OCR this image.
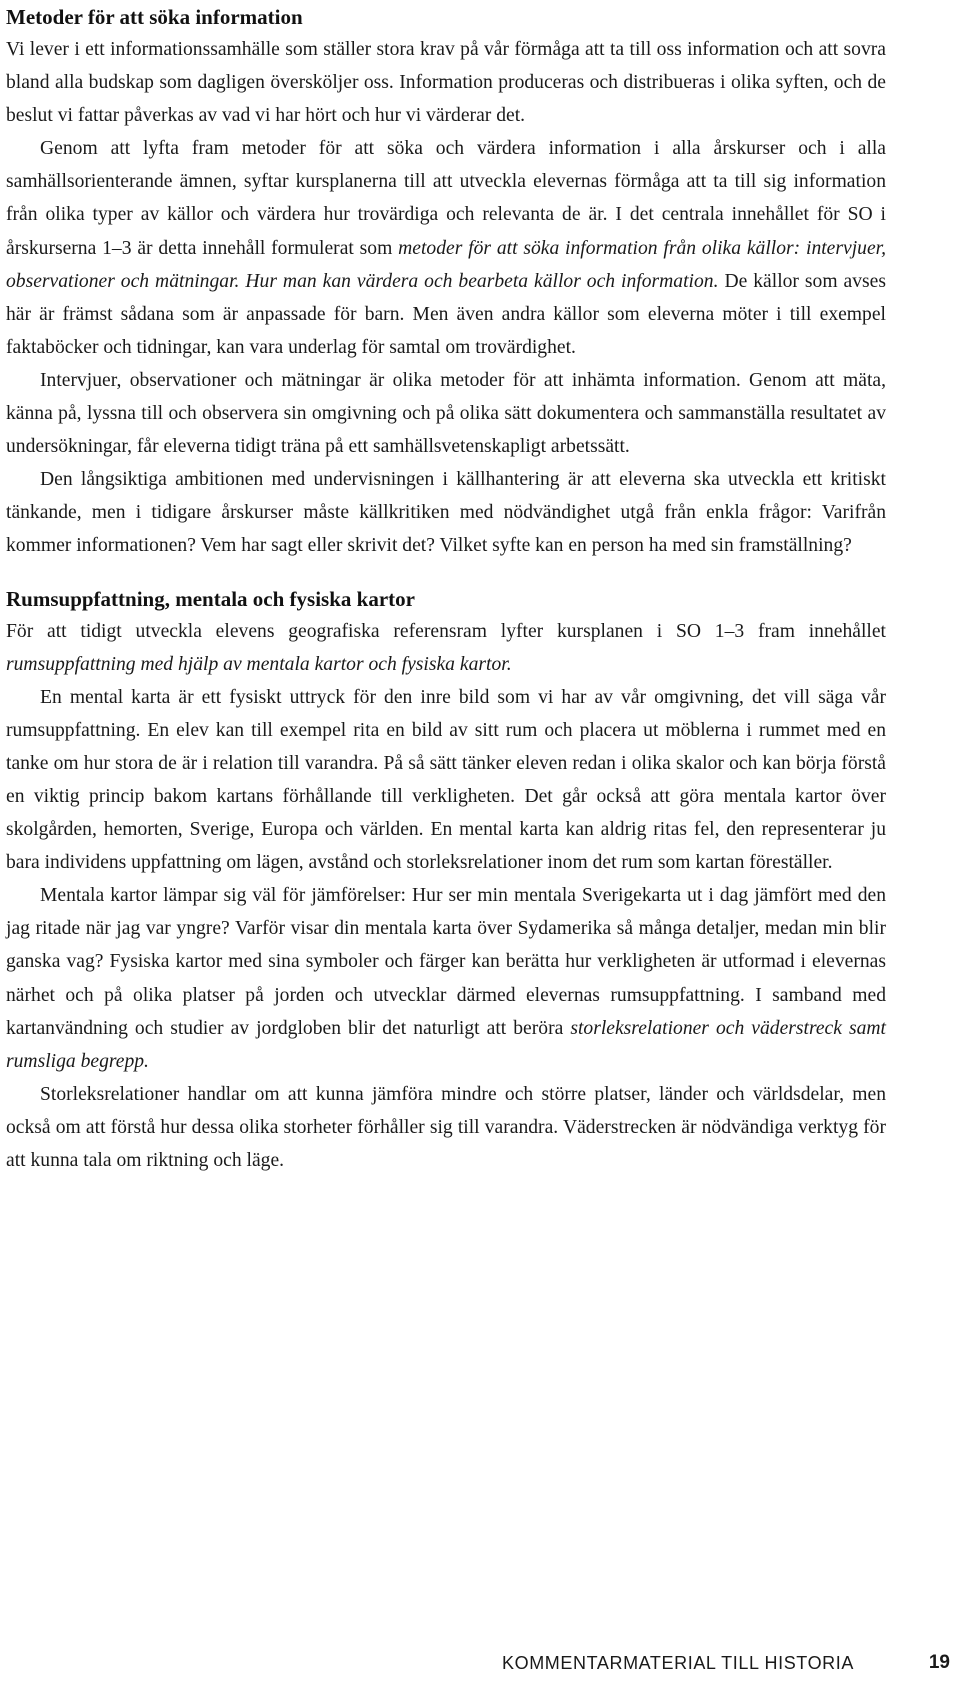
Metoder för att söka information

Vi lever i ett informationssamhälle som ställer stora krav på vår förmåga att ta till oss information och att sovra bland alla budskap som dagligen översköljer oss. Information produceras och distribueras i olika syften, och de beslut vi fattar påverkas av vad vi har hört och hur vi värderar det.

Genom att lyfta fram metoder för att söka och värdera information i alla årskurser och i alla samhällsorienterande ämnen, syftar kursplanerna till att utveckla elevernas förmåga att ta till sig information från olika typer av källor och värdera hur trovärdiga och relevanta de är. I det centrala innehållet för SO i årskurserna 1–3 är detta innehåll formulerat som metoder för att söka information från olika källor: intervjuer, observationer och mätningar. Hur man kan värdera och bearbeta källor och information. De källor som avses här är främst sådana som är anpassade för barn. Men även andra källor som eleverna möter i till exempel faktaböcker och tidningar, kan vara underlag för samtal om trovärdighet.

Intervjuer, observationer och mätningar är olika metoder för att inhämta information. Genom att mäta, känna på, lyssna till och observera sin omgivning och på olika sätt dokumentera och sammanställa resultatet av undersökningar, får eleverna tidigt träna på ett samhällsvetenskapligt arbetssätt.

Den långsiktiga ambitionen med undervisningen i källhantering är att eleverna ska utveckla ett kritiskt tänkande, men i tidigare årskurser måste källkritiken med nödvändighet utgå från enkla frågor: Varifrån kommer informationen? Vem har sagt eller skrivit det? Vilket syfte kan en person ha med sin framställning?

Rumsuppfattning, mentala och fysiska kartor

För att tidigt utveckla elevens geografiska referensram lyfter kursplanen i SO 1–3 fram innehållet rumsuppfattning med hjälp av mentala kartor och fysiska kartor.

En mental karta är ett fysiskt uttryck för den inre bild som vi har av vår omgivning, det vill säga vår rumsuppfattning. En elev kan till exempel rita en bild av sitt rum och placera ut möblerna i rummet med en tanke om hur stora de är i relation till varandra. På så sätt tänker eleven redan i olika skalor och kan börja förstå en viktig princip bakom kartans förhållande till verkligheten. Det går också att göra mentala kartor över skolgården, hemorten, Sverige, Europa och världen. En mental karta kan aldrig ritas fel, den representerar ju bara individens uppfattning om lägen, avstånd och storleksrelationer inom det rum som kartan föreställer.

Mentala kartor lämpar sig väl för jämförelser: Hur ser min mentala Sverigekarta ut i dag jämfört med den jag ritade när jag var yngre? Varför visar din mentala karta över Sydamerika så många detaljer, medan min blir ganska vag? Fysiska kartor med sina symboler och färger kan berätta hur verkligheten är utformad i elevernas närhet och på olika platser på jorden och utvecklar därmed elevernas rumsuppfattning. I samband med kartanvändning och studier av jordgloben blir det naturligt att beröra storleksrelationer och väderstreck samt rumsliga begrepp.

Storleksrelationer handlar om att kunna jämföra mindre och större platser, länder och världsdelar, men också om att förstå hur dessa olika storheter förhåller sig till varandra. Väderstrecken är nödvändiga verktyg för att kunna tala om riktning och läge.

KOMMENTARMATERIAL TILL HISTORIA	19
